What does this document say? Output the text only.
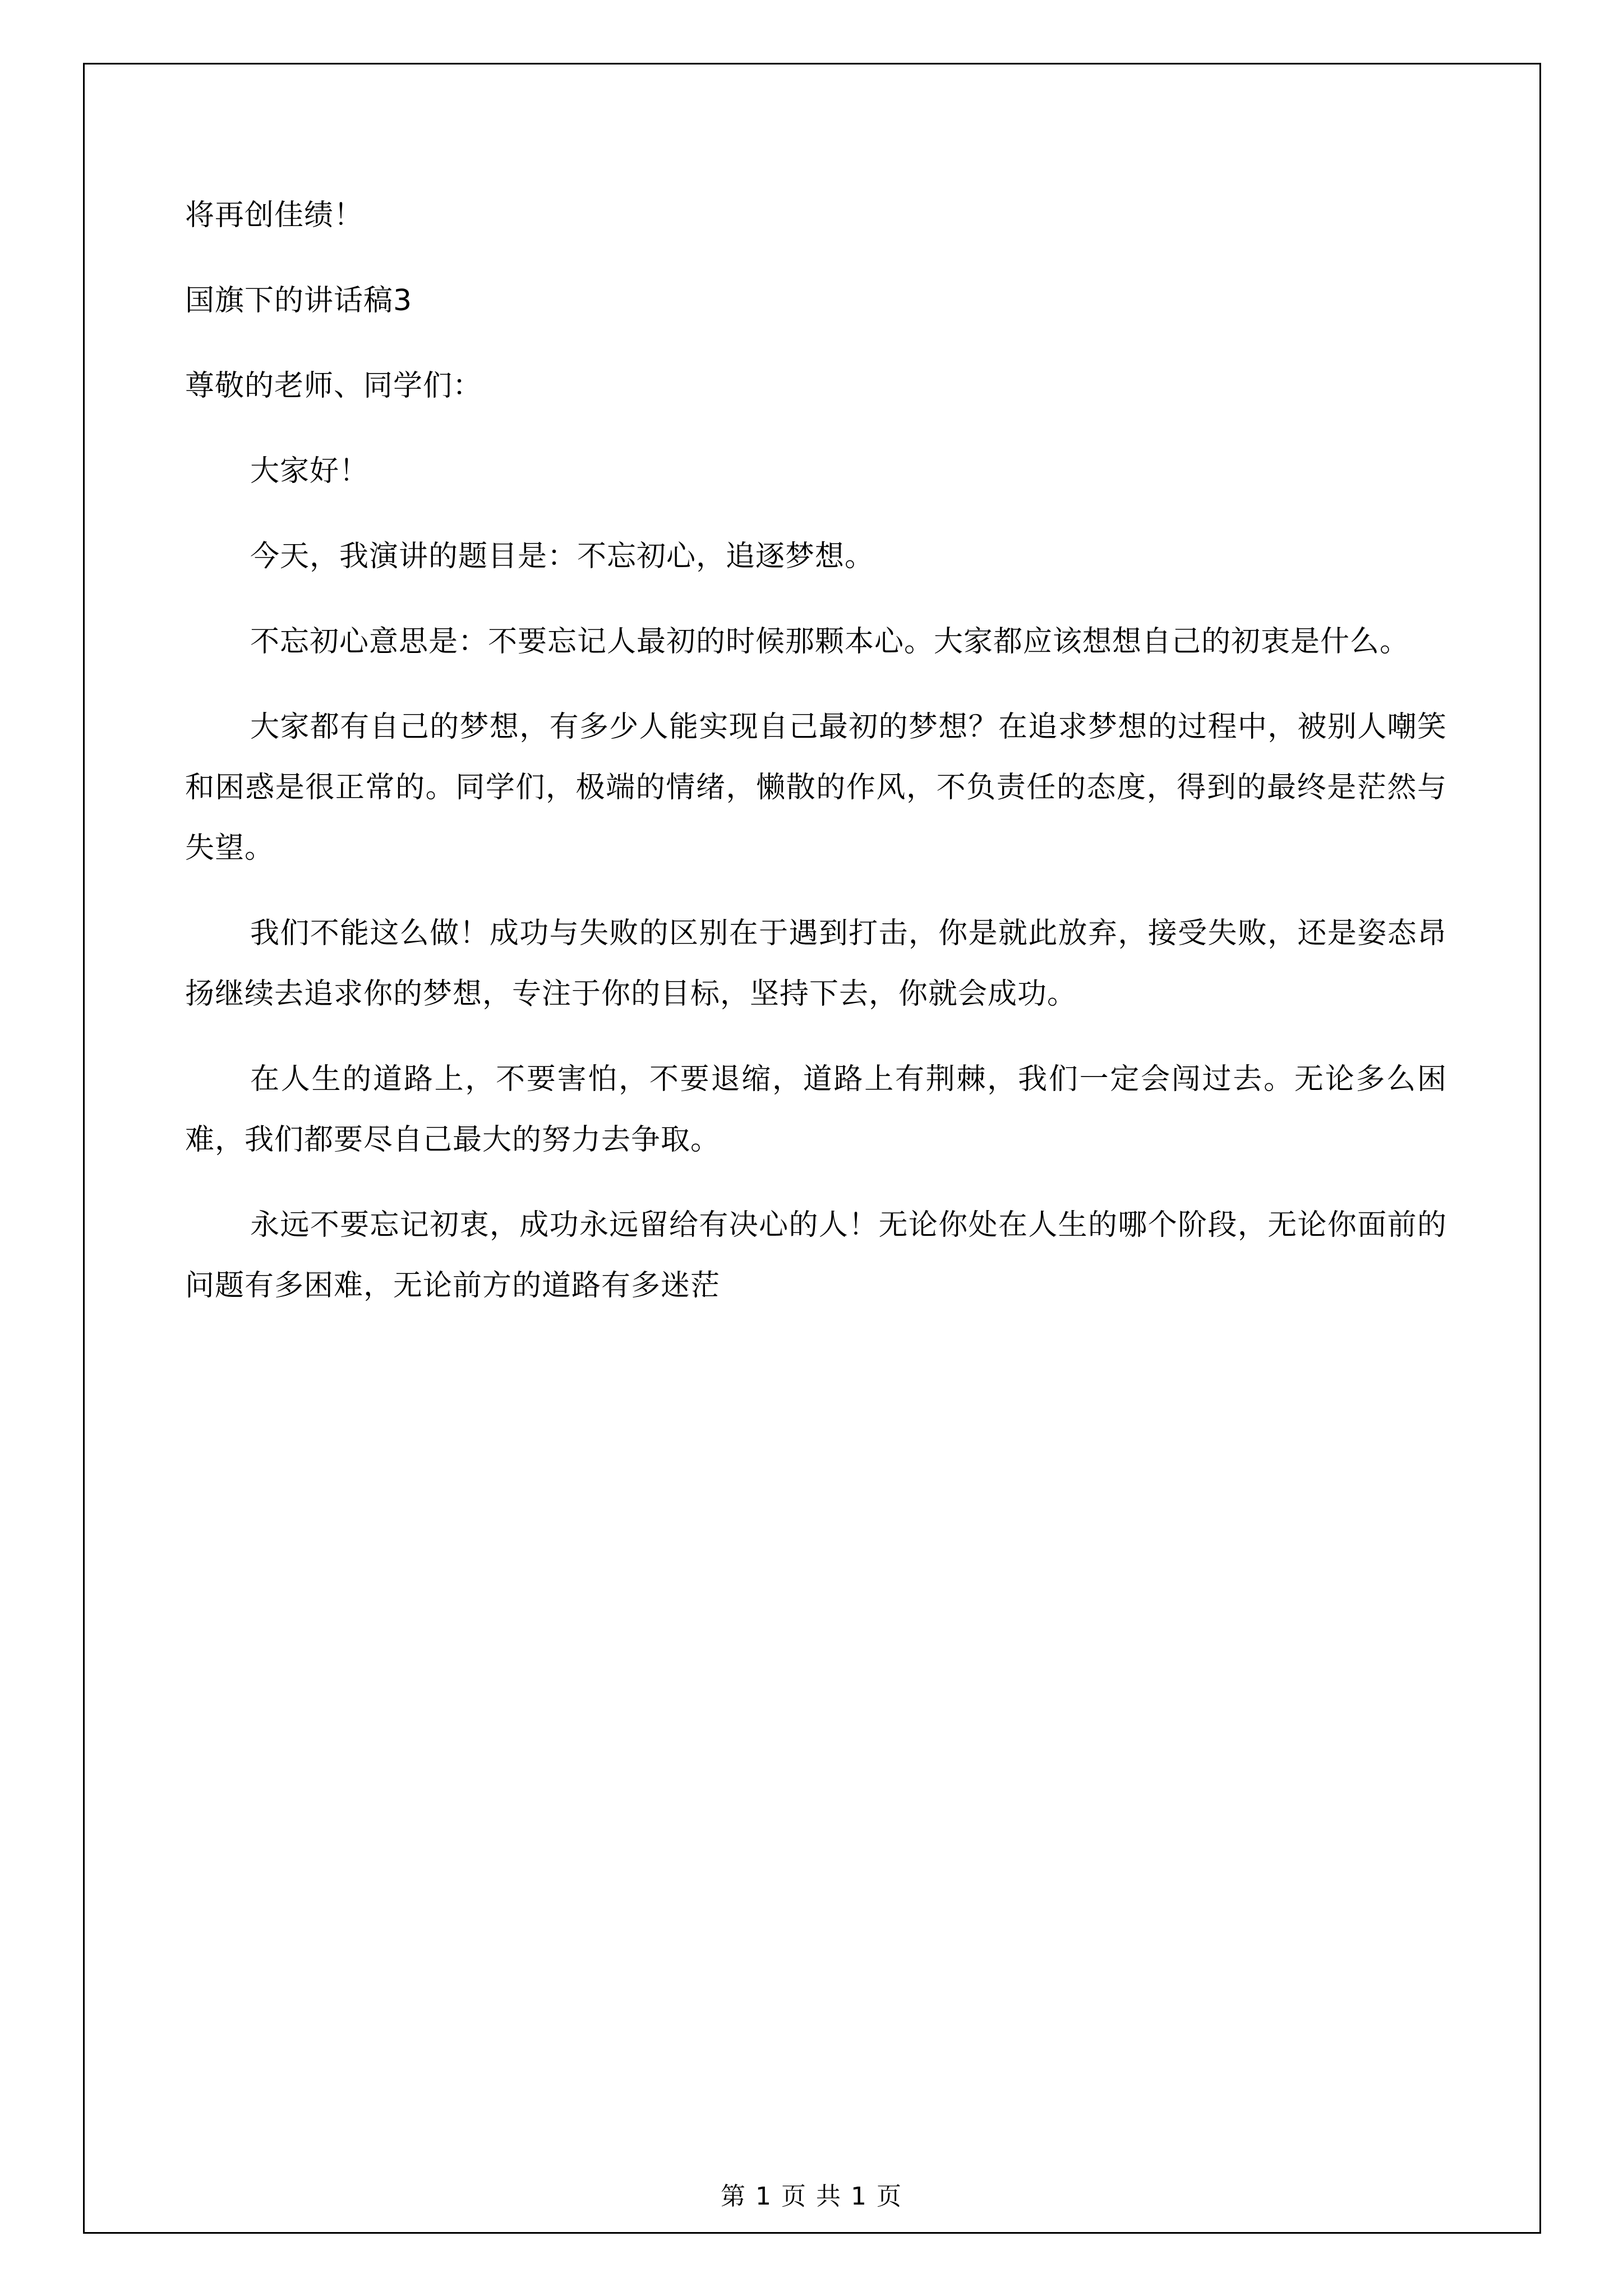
将再创佳绩！

国旗下的讲话稿3

尊敬的老师、同学们：

大家好！

今天，我演讲的题目是：不忘初心，追逐梦想。

不忘初心意思是：不要忘记人最初的时候那颗本心。大家都应该想想自己的初衷是什么。

大家都有自己的梦想，有多少人能实现自己最初的梦想？在追求梦想的过程中，被别人嘲笑和困惑是很正常的。同学们，极端的情绪，懒散的作风，不负责任的态度，得到的最终是茫然与失望。

我们不能这么做！成功与失败的区别在于遇到打击，你是就此放弃，接受失败，还是姿态昂扬继续去追求你的梦想，专注于你的目标，坚持下去，你就会成功。

在人生的道路上，不要害怕，不要退缩，道路上有荆棘，我们一定会闯过去。无论多么困难，我们都要尽自己最大的努力去争取。

永远不要忘记初衷，成功永远留给有决心的人！无论你处在人生的哪个阶段，无论你面前的问题有多困难，无论前方的道路有多迷茫

第 1 页 共 1 页
